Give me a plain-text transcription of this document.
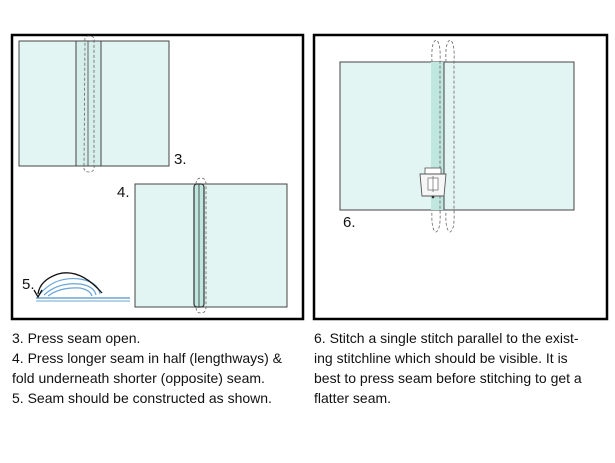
3.
4.
5.
6.

3. Press seam open.

4. Press longer seam in half (lengthways) &

fold underneath shorter (opposite) seam.

5. Seam should be constructed as shown.

6. Stitch a single stitch parallel to the exist-

ing stitchline which should be visible. It is

best to press seam before stitching to get a

flatter seam.
